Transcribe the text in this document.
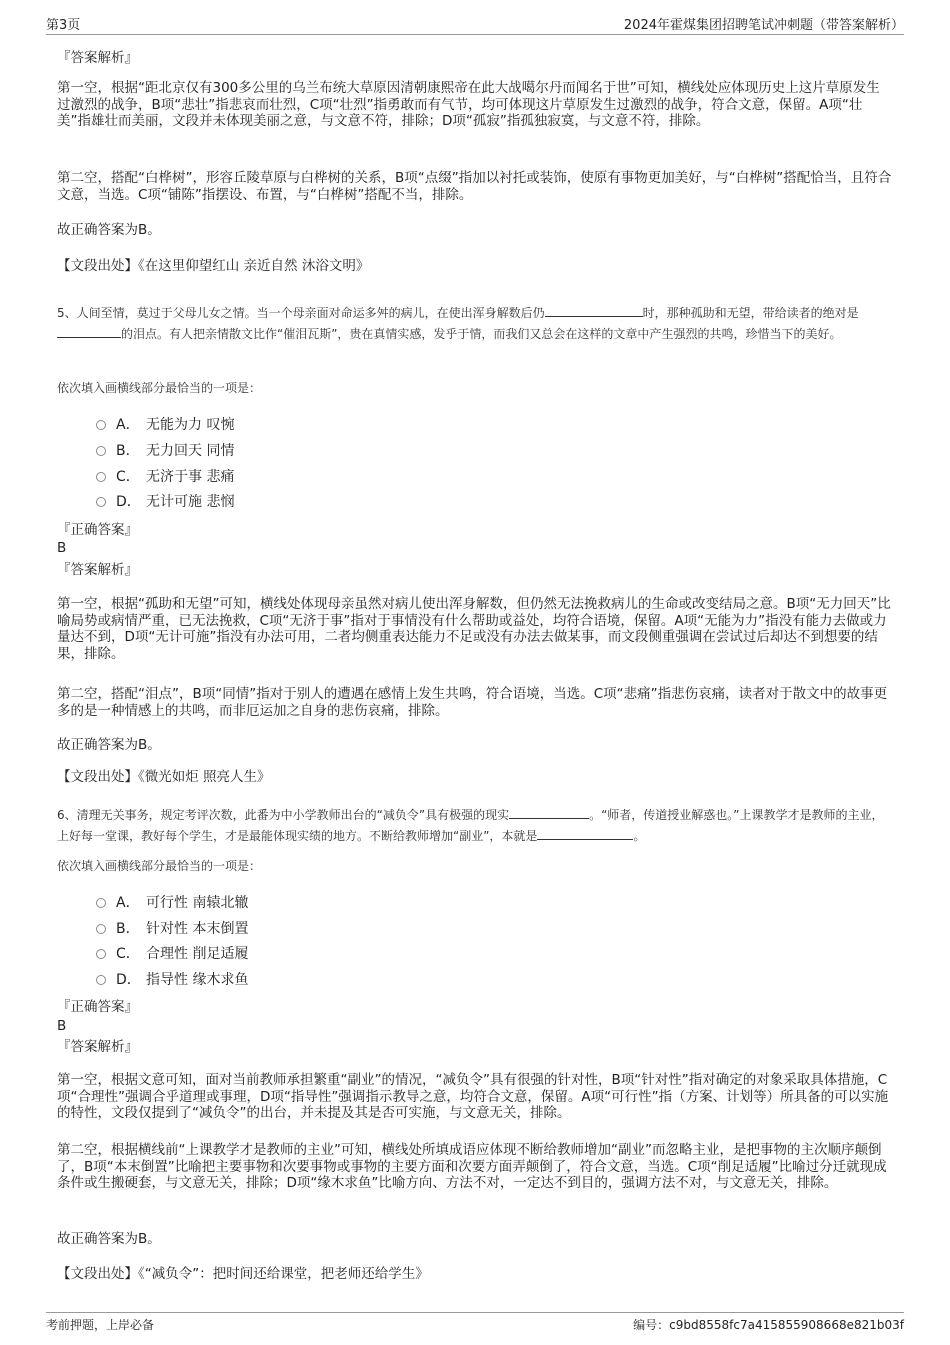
第3页	2024年霍煤集团招聘笔试冲刺题（带答案解析）

『答案解析』

第一空，根据“距北京仅有300多公里的乌兰布统大草原因清朝康熙帝在此大战噶尔丹而闻名于世”可知，横线处应体现历史上这片草原发生过激烈的战争，B项“悲壮”指悲哀而壮烈，C项“壮烈”指勇敢而有气节，均可体现这片草原发生过激烈的战争，符合文意，保留。A项“壮美”指雄壮而美丽，文段并未体现美丽之意，与文意不符，排除；D项“孤寂”指孤独寂寞，与文意不符，排除。

第二空，搭配“白桦树”，形容丘陵草原与白桦树的关系，B项“点缀”指加以衬托或装饰，使原有事物更加美好，与“白桦树”搭配恰当，且符合文意，当选。C项“铺陈”指摆设、布置，与“白桦树”搭配不当，排除。

故正确答案为B。

【文段出处】《在这里仰望红山 亲近自然 沐浴文明》

5、人间至情，莫过于父母儿女之情。当一个母亲面对命运多舛的病儿，在使出浑身解数后仍	时，那种孤助和无望，带给读者的绝对是的泪点。有人把亲情散文比作“催泪瓦斯”，贵在真情实感，发乎于情，而我们又总会在这样的文章中产生强烈的共鸣，珍惜当下的美好。

依次填入画横线部分最恰当的一项是：

A． 无能为力 叹惋
B． 无力回天 同情
C． 无济于事 悲痛
D． 无计可施 悲悯

『正确答案』

B

『答案解析』

第一空，根据“孤助和无望”可知，横线处体现母亲虽然对病儿使出浑身解数，但仍然无法挽救病儿的生命或改变结局之意。B项“无力回天”比喻局势或病情严重，已无法挽救，C项“无济于事”指对于事情没有什么帮助或益处，均符合语境，保留。A项“无能为力”指没有能力去做或力量达不到，D项“无计可施”指没有办法可用，二者均侧重表达能力不足或没有办法去做某事，而文段侧重强调在尝试过后却达不到想要的结果，排除。

第二空，搭配“泪点”，B项“同情”指对于别人的遭遇在感情上发生共鸣，符合语境，当选。C项“悲痛”指悲伤哀痛，读者对于散文中的故事更多的是一种情感上的共鸣，而非厄运加之自身的悲伤哀痛，排除。

故正确答案为B。

【文段出处】《微光如炬 照亮人生》

6、清理无关事务，规定考评次数，此番为中小学教师出台的“减负令”具有极强的现实	。“师者，传道授业解惑也。”上课教学才是教师的主业，上好每一堂课，教好每个学生，才是最能体现实绩的地方。不断给教师增加“副业”，本就是	。

依次填入画横线部分最恰当的一项是：

A． 可行性 南辕北辙
B． 针对性 本末倒置
C． 合理性 削足适履
D． 指导性 缘木求鱼

『正确答案』

B

『答案解析』

第一空，根据文意可知，面对当前教师承担繁重“副业”的情况，“减负令”具有很强的针对性，B项“针对性”指对确定的对象采取具体措施，C项“合理性”强调合乎道理或事理，D项“指导性”强调指示教导之意，均符合文意，保留。A项“可行性”指（方案、计划等）所具备的可以实施的特性，文段仅提到了“减负令”的出台，并未提及其是否可实施，与文意无关，排除。

第二空，根据横线前“上课教学才是教师的主业”可知，横线处所填成语应体现不断给教师增加“副业”而忽略主业，是把事物的主次顺序颠倒了，B项“本末倒置”比喻把主要事物和次要事物或事物的主要方面和次要方面弄颠倒了，符合文意，当选。C项“削足适履”比喻过分迁就现成条件或生搬硬套，与文意无关，排除；D项“缘木求鱼”比喻方向、方法不对，一定达不到目的，强调方法不对，与文意无关，排除。

故正确答案为B。

【文段出处】《“减负令”：把时间还给课堂，把老师还给学生》

考前押题，上岸必备	编号：c9bd8558fc7a415855908668e821b03f
